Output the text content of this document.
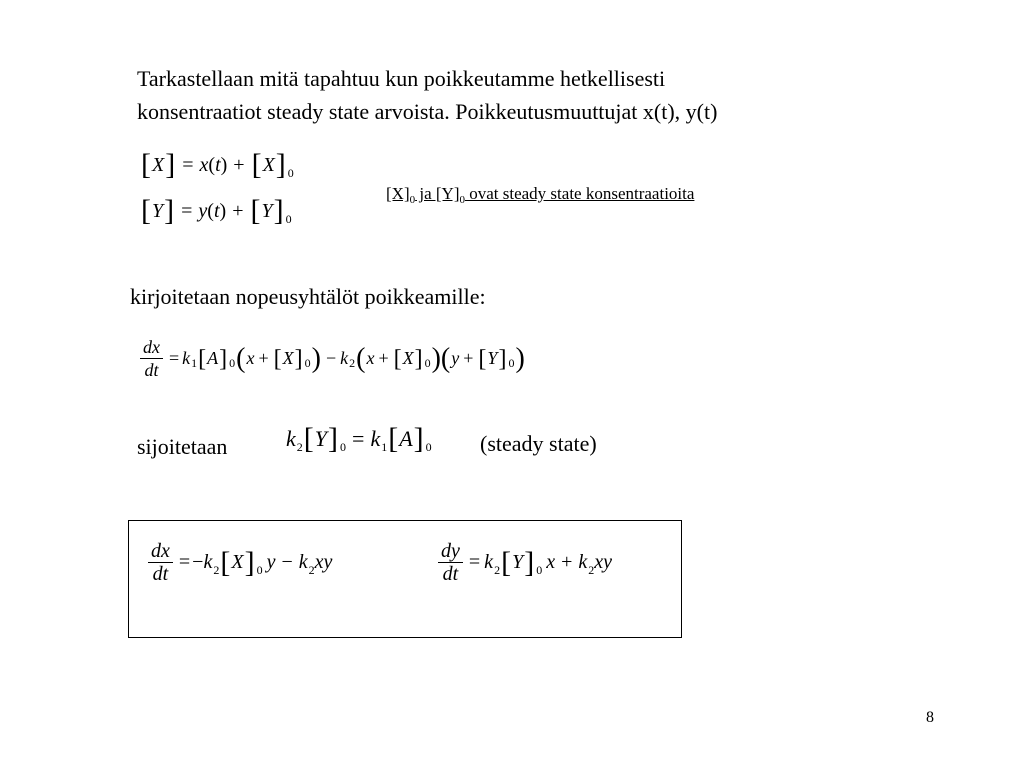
Tarkastellaan mitä tapahtuu kun poikkeutamme hetkellisesti
konsentraatiot steady state arvoista. Poikkeutusmuuttujat x(t), y(t)
[ X ] = x ( t ) + [ X ] 0
[ Y ] = y ( t ) + [ Y ] 0
$[X]_0$ ja $[Y]_0$ ovat steady state konsentraatioita
kirjoitetaan nopeusyhtälöt poikkeamille:
$\frac{dx}{dt} = k$ 1 [ A ] 0 ( x + [ X ] 0 ) − k 2 ( x + [ X ] 0 )( y + [ Y ] 0 )
sijoitetaan	k 2 [ Y ] 0 = k 1 [ A ] 0 (steady state)
$\frac{dx}{dt}$ = − k 2 [ X ] 0 y − k 2 xy	$\frac{dy}{dt} = k$ 2 [ Y ] 0 x + k 2 xy
8
